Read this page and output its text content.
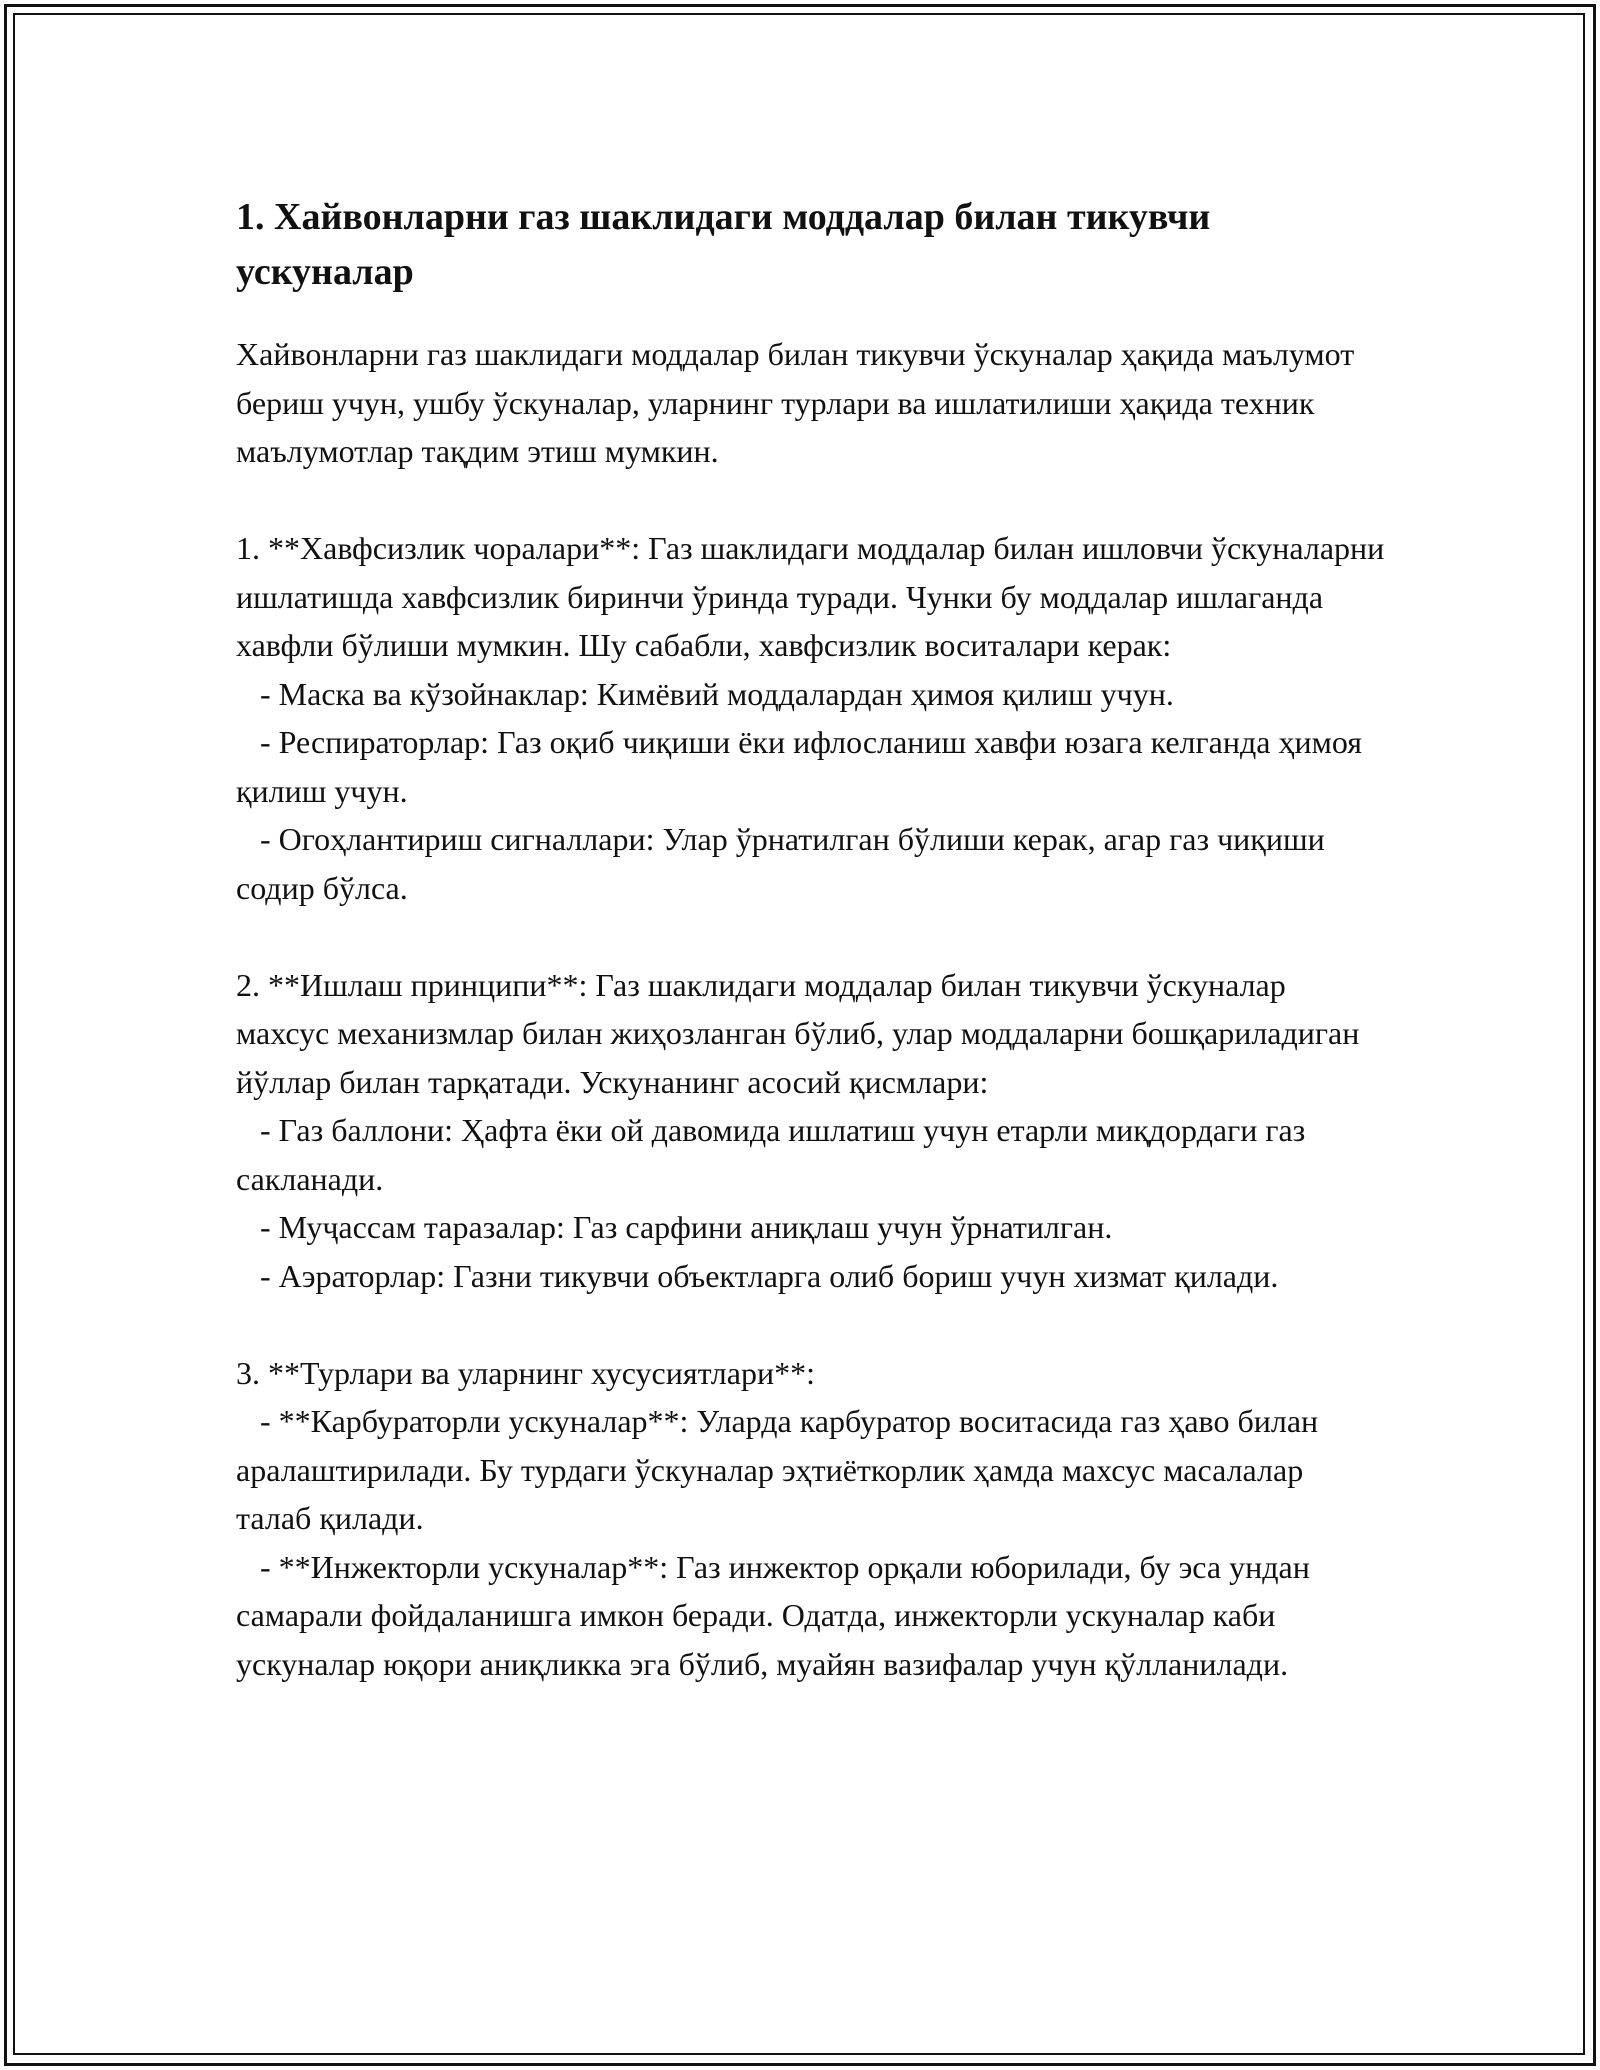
1. Хайвонларни газ шаклидаги моддалар билан тикувчи ускуналар

Хайвонларни газ шаклидаги моддалар билан тикувчи ўскуналар ҳақида маълумот бериш учун, ушбу ўскуналар, уларнинг турлари ва ишлатилиши ҳақида техник маълумотлар тақдим этиш мумкин.

1. **Хавфсизлик чоралари**: Газ шаклидаги моддалар билан ишловчи ўскуналарни ишлатишда хавфсизлик биринчи ўринда туради. Чунки бу моддалар ишлаганда хавфли бўлиши мумкин. Шу сабабли, хавфсизлик воситалари керак:

- Маска ва кўзойнаклар: Кимёвий моддалардан ҳимоя қилиш учун.

- Респираторлар: Газ оқиб чиқиши ёки ифлосланиш хавфи юзага келганда ҳимоя қилиш учун.

- Огоҳлантириш сигналлари: Улар ўрнатилган бўлиши керак, агар газ чиқиши содир бўлса.

2. **Ишлаш принципи**: Газ шаклидаги моддалар билан тикувчи ўскуналар махсус механизмлар билан жиҳозланган бўлиб, улар моддаларни бошқариладиган йўллар билан тарқатади. Ускунанинг асосий қисмлари:

- Газ баллони: Ҳафта ёки ой давомида ишлатиш учун етарли миқдордаги газ сакланади.

- Муҷассам таразалар: Газ сарфини аниқлаш учун ўрнатилган.

- Аэраторлар: Газни тикувчи объектларга олиб бориш учун хизмат қилади.

3. **Турлари ва уларнинг хусусиятлари**:

- **Карбураторли ускуналар**: Уларда карбуратор воситасида газ ҳаво билан аралаштирилади. Бу турдаги ўскуналар эҳтиёткорлик ҳамда махсус масалалар талаб қилади.

- **Инжекторли ускуналар**: Газ инжектор орқали юборилади, бу эса ундан самарали фойдаланишга имкон беради. Одатда, инжекторли ускуналар каби ускуналар юқори аниқликка эга бўлиб, муайян вазифалар учун қўлланилади.
